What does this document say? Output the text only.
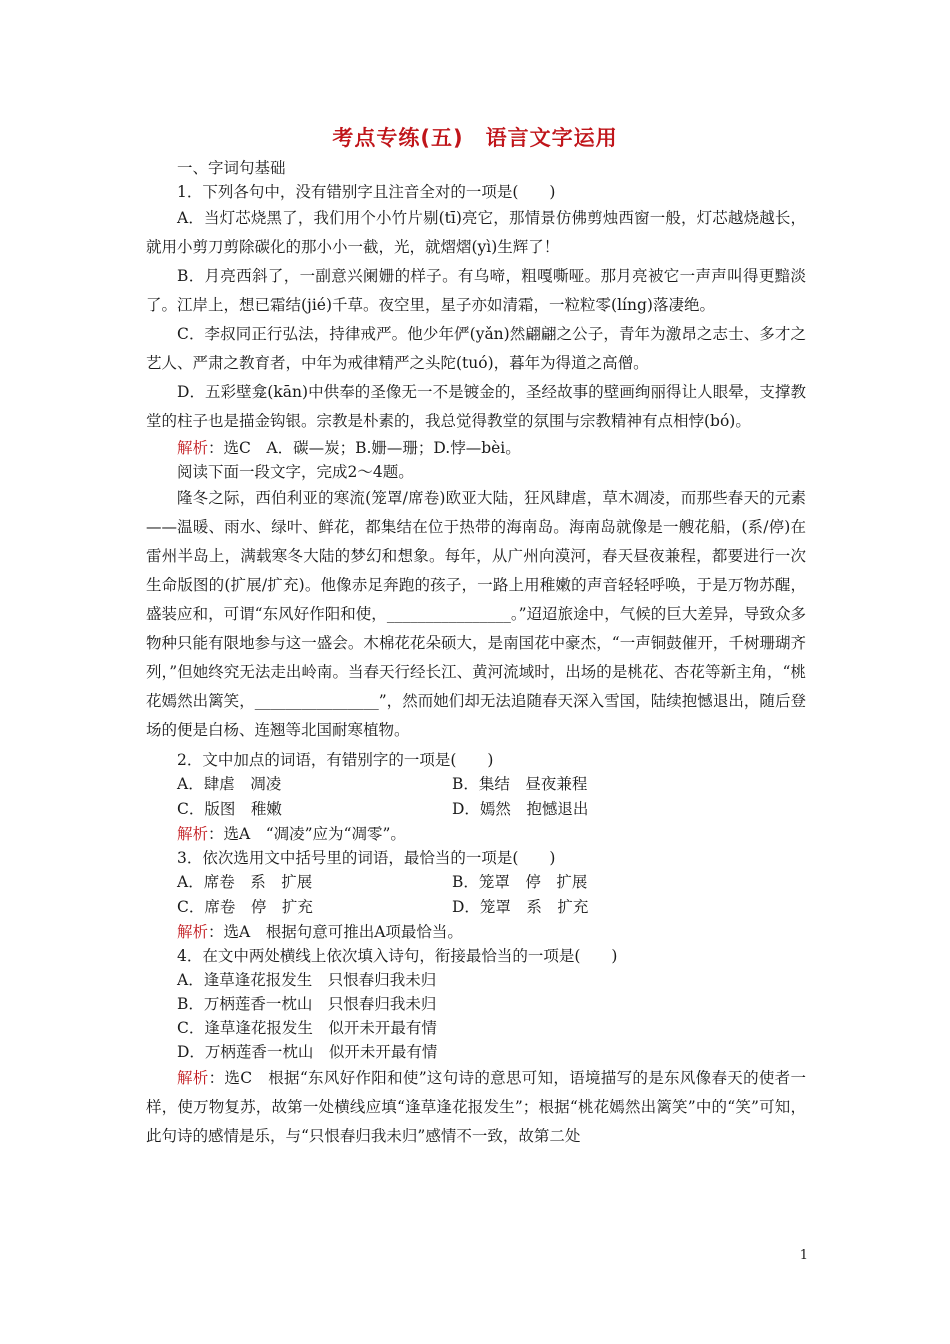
考点专练(五)　语言文字运用

一、字词句基础

1．下列各句中，没有错别字且注音全对的一项是(　　)

A．当灯芯烧黑了，我们用个小竹片剔(tī)亮它，那情景仿佛剪烛西窗一般，灯芯越烧越长，就用小剪刀剪除碳化的那小小一截，光，就熠熠(yì)生辉了！

B．月亮西斜了，一副意兴阑姗的样子。有乌啼，粗嘎嘶哑。那月亮被它一声声叫得更黯淡了。江岸上，想已霜结(jié)千草。夜空里，星子亦如清霜，一粒粒零(líng)落凄绝。

C．李叔同正行弘法，持律戒严。他少年俨(yǎn)然翩翩之公子，青年为激昂之志士、多才之艺人、严肃之教育者，中年为戒律精严之头陀(tuó)，暮年为得道之高僧。

D．五彩壁龛(kān)中供奉的圣像无一不是镀金的，圣经故事的壁画绚丽得让人眼晕，支撑教堂的柱子也是描金钩银。宗教是朴素的，我总觉得教堂的氛围与宗教精神有点相悖(bó)。

解析：选C　A．碳—炭；B.姗—珊；D.悖—bèi。

阅读下面一段文字，完成2～4题。

隆冬之际，西伯利亚的寒流(笼罩/席卷)欧亚大陆，狂风肆虐，草木凋凌，而那些春天的元素——温暖、雨水、绿叶、鲜花，都集结在位于热带的海南岛。海南岛就像是一艘花船，(系/停)在雷州半岛上，满载寒冬大陆的梦幻和想象。每年，从广州向漠河，春天昼夜兼程，都要进行一次生命版图的(扩展/扩充)。他像赤足奔跑的孩子，一路上用稚嫩的声音轻轻呼唤，于是万物苏醒，盛装应和，可谓“东风好作阳和使，________________。”迢迢旅途中，气候的巨大差异，导致众多物种只能有限地参与这一盛会。木棉花花朵硕大，是南国花中豪杰，“一声铜鼓催开，千树珊瑚齐列，”但她终究无法走出岭南。当春天行经长江、黄河流域时，出场的是桃花、杏花等新主角，“桃花嫣然出篱笑，________________”，然而她们却无法追随春天深入雪国，陆续抱憾退出，随后登场的便是白杨、连翘等北国耐寒植物。

2．文中加点的词语，有错别字的一项是(　　)

A．肆虐　凋凌	B．集结　昼夜兼程
C．版图　稚嫩	D．嫣然　抱憾退出

解析：选A　“凋凌”应为“凋零”。

3．依次选用文中括号里的词语，最恰当的一项是(　　)

A．席卷　系　扩展	B．笼罩　停　扩展
C．席卷　停　扩充	D．笼罩　系　扩充

解析：选A　根据句意可推出A项最恰当。

4．在文中两处横线上依次填入诗句，衔接最恰当的一项是(　　)

A．逢草逢花报发生　只恨春归我未归

B．万柄莲香一枕山　只恨春归我未归

C．逢草逢花报发生　似开未开最有情

D．万柄莲香一枕山　似开未开最有情

解析：选C　根据“东风好作阳和使”这句诗的意思可知，语境描写的是东风像春天的使者一样，使万物复苏，故第一处横线应填“逢草逢花报发生”；根据“桃花嫣然出篱笑”中的“笑”可知，此句诗的感情是乐，与“只恨春归我未归”感情不一致，故第二处

1
